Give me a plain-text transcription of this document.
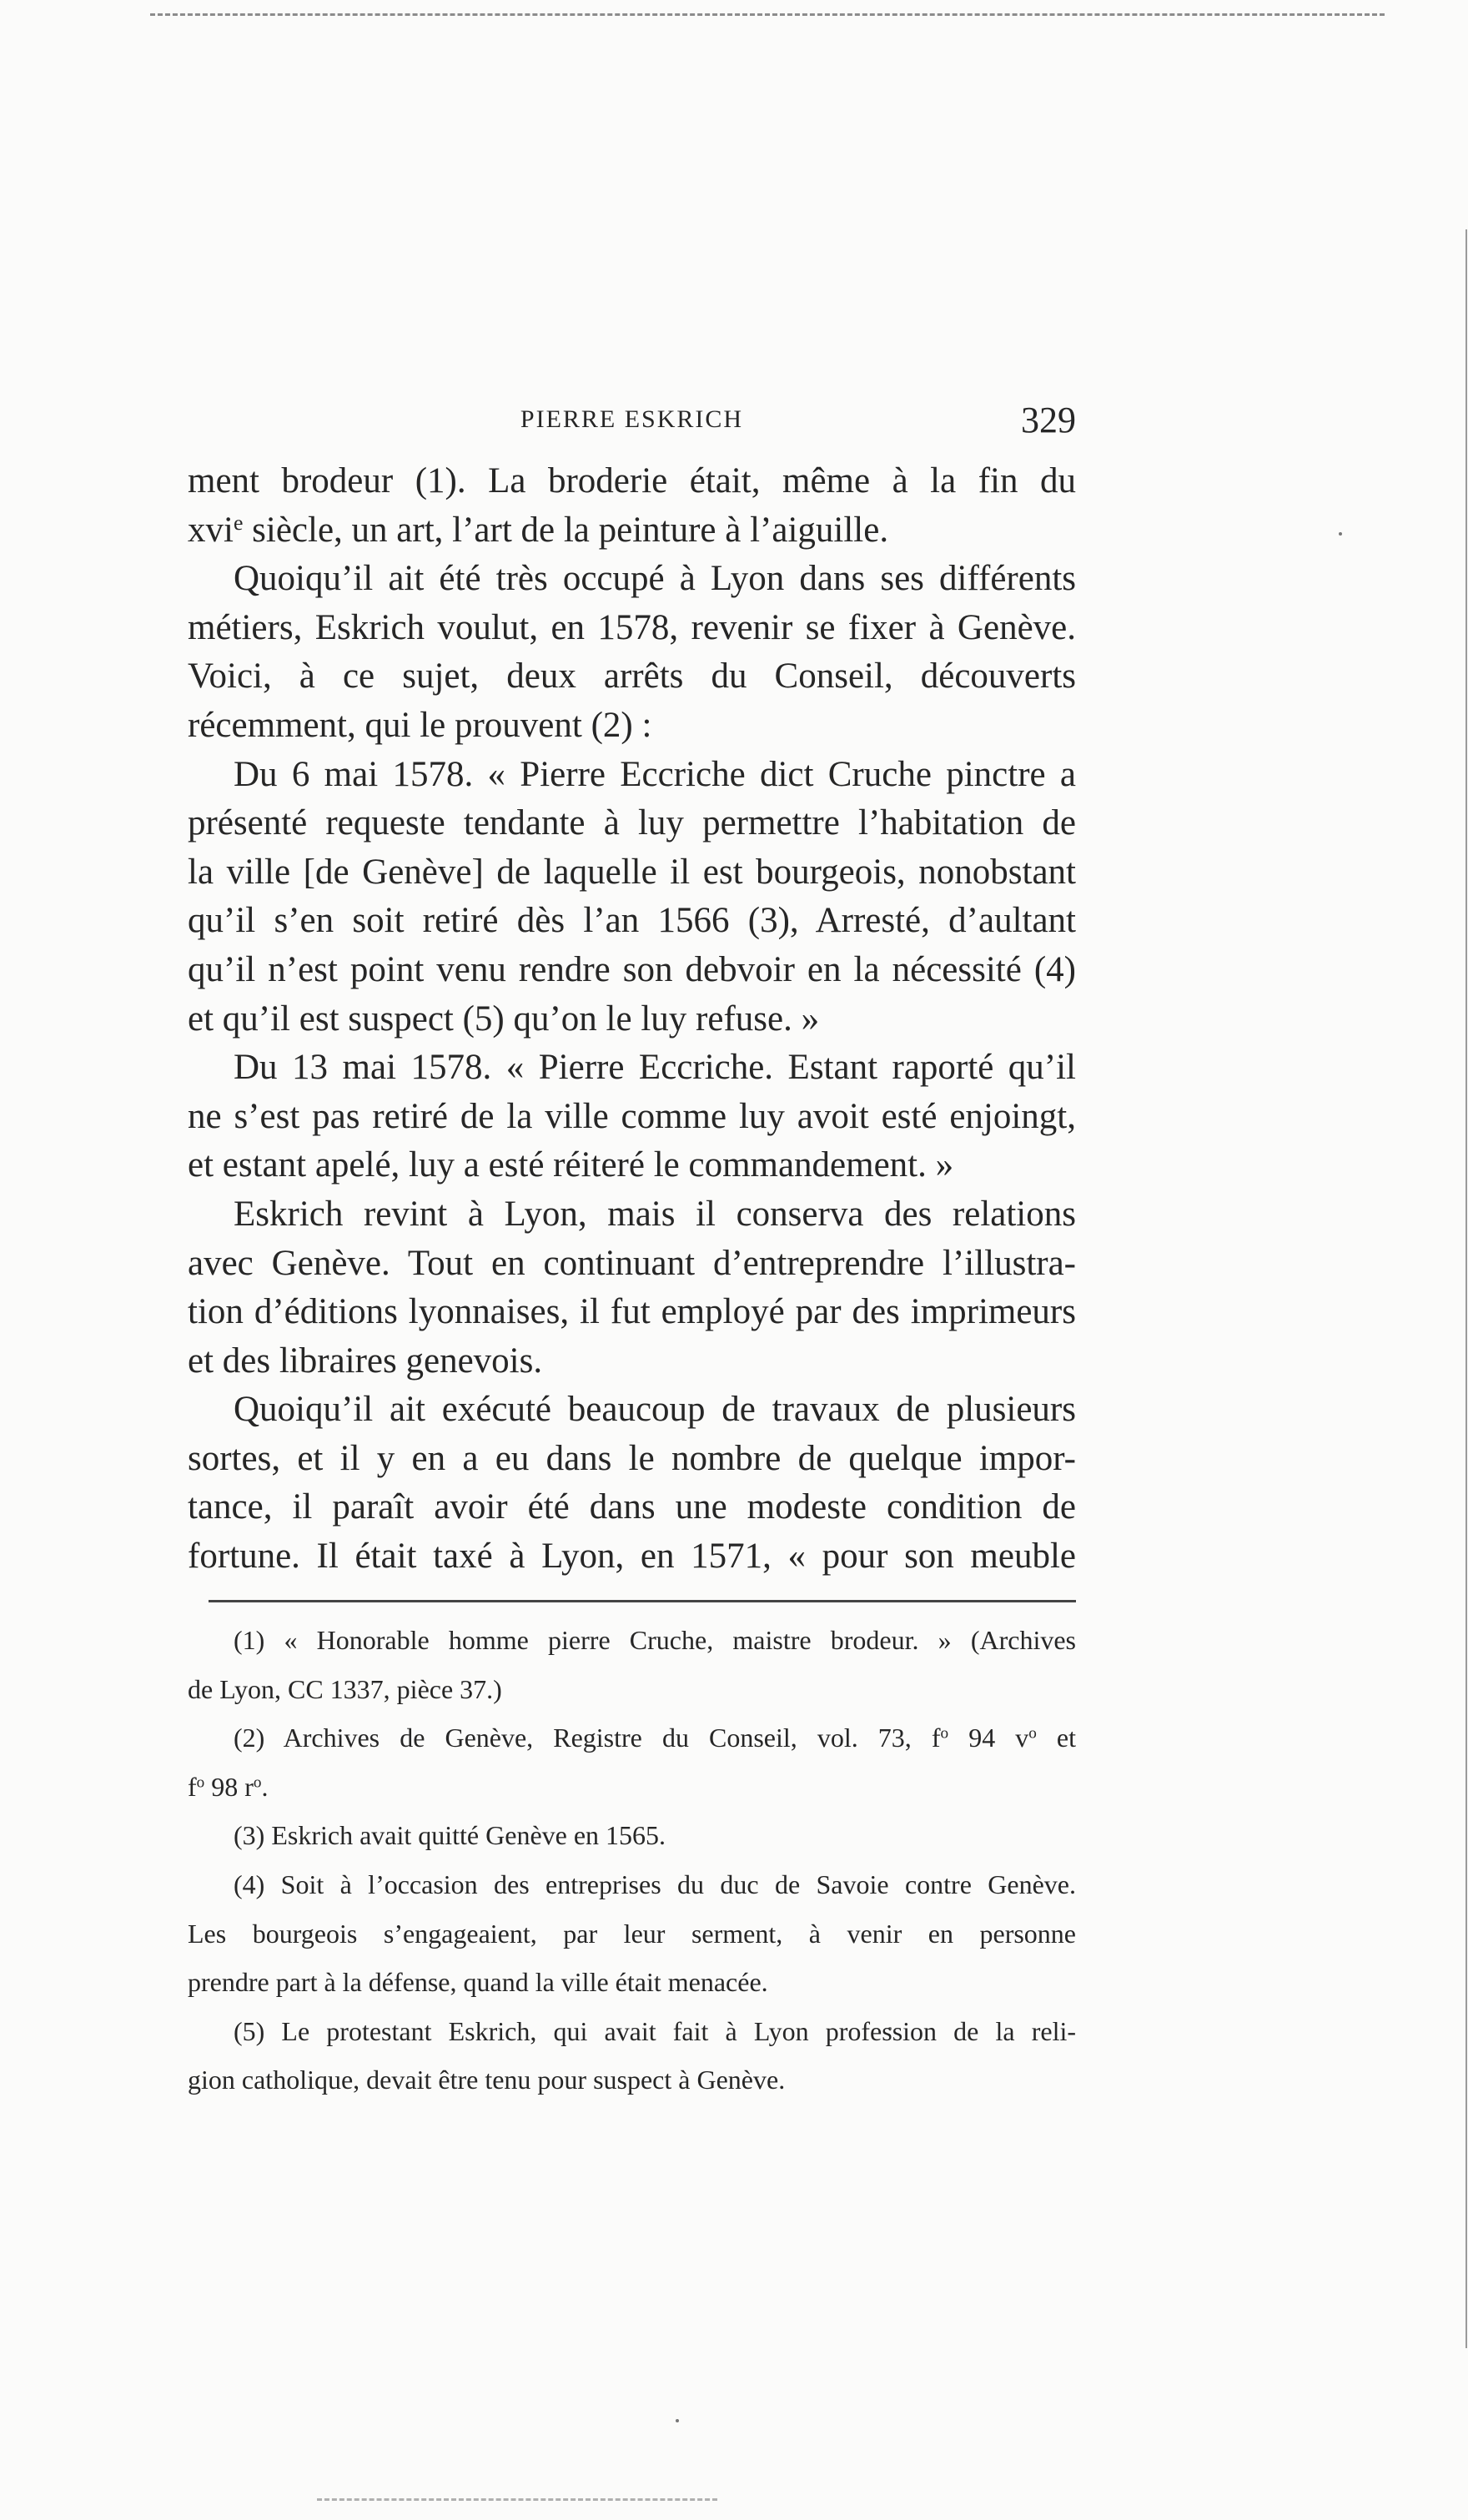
PIERRE ESKRICH	329
ment brodeur (1). La broderie était, même à la fin du
xvi$^e$ siècle, un art, l’art de la peinture à l’aiguille.
Quoiqu’il ait été très occupé à Lyon dans ses différents
métiers, Eskrich voulut, en 1578, revenir se fixer à Genève.
Voici, à ce sujet, deux arrêts du Conseil, découverts
récemment, qui le prouvent (2) :
Du 6 mai 1578. « Pierre Eccriche dict Cruche pinctre a
présenté requeste tendante à luy permettre l’habitation de
la ville [de Genève] de laquelle il est bourgeois, nonobstant
qu’il s’en soit retiré dès l’an 1566 (3), Arresté, d’aultant
qu’il n’est point venu rendre son debvoir en la nécessité (4)
et qu’il est suspect (5) qu’on le luy refuse. »
Du 13 mai 1578. « Pierre Eccriche. Estant raporté qu’il
ne s’est pas retiré de la ville comme luy avoit esté enjoingt,
et estant apelé, luy a esté réiteré le commandement. »
Eskrich revint à Lyon, mais il conserva des relations
avec Genève. Tout en continuant d’entreprendre l’illustra-
tion d’éditions lyonnaises, il fut employé par des imprimeurs
et des libraires genevois.
Quoiqu’il ait exécuté beaucoup de travaux de plusieurs
sortes, et il y en a eu dans le nombre de quelque impor-
tance, il paraît avoir été dans une modeste condition de
fortune. Il était taxé à Lyon, en 1571, « pour son meuble
(1) « Honorable homme pierre Cruche, maistre brodeur. » (Archives
de Lyon, CC 1337, pièce 37.)
(2) Archives de Genève, Registre du Conseil, vol. 73, $f^o$ 94 $v^o$ et
$f^o$ 98 $r^o$.
(3) Eskrich avait quitté Genève en 1565.
(4) Soit à l’occasion des entreprises du duc de Savoie contre Genève.
Les bourgeois s’engageaient, par leur serment, à venir en personne
prendre part à la défense, quand la ville était menacée.
(5) Le protestant Eskrich, qui avait fait à Lyon profession de la reli-
gion catholique, devait être tenu pour suspect à Genève.
